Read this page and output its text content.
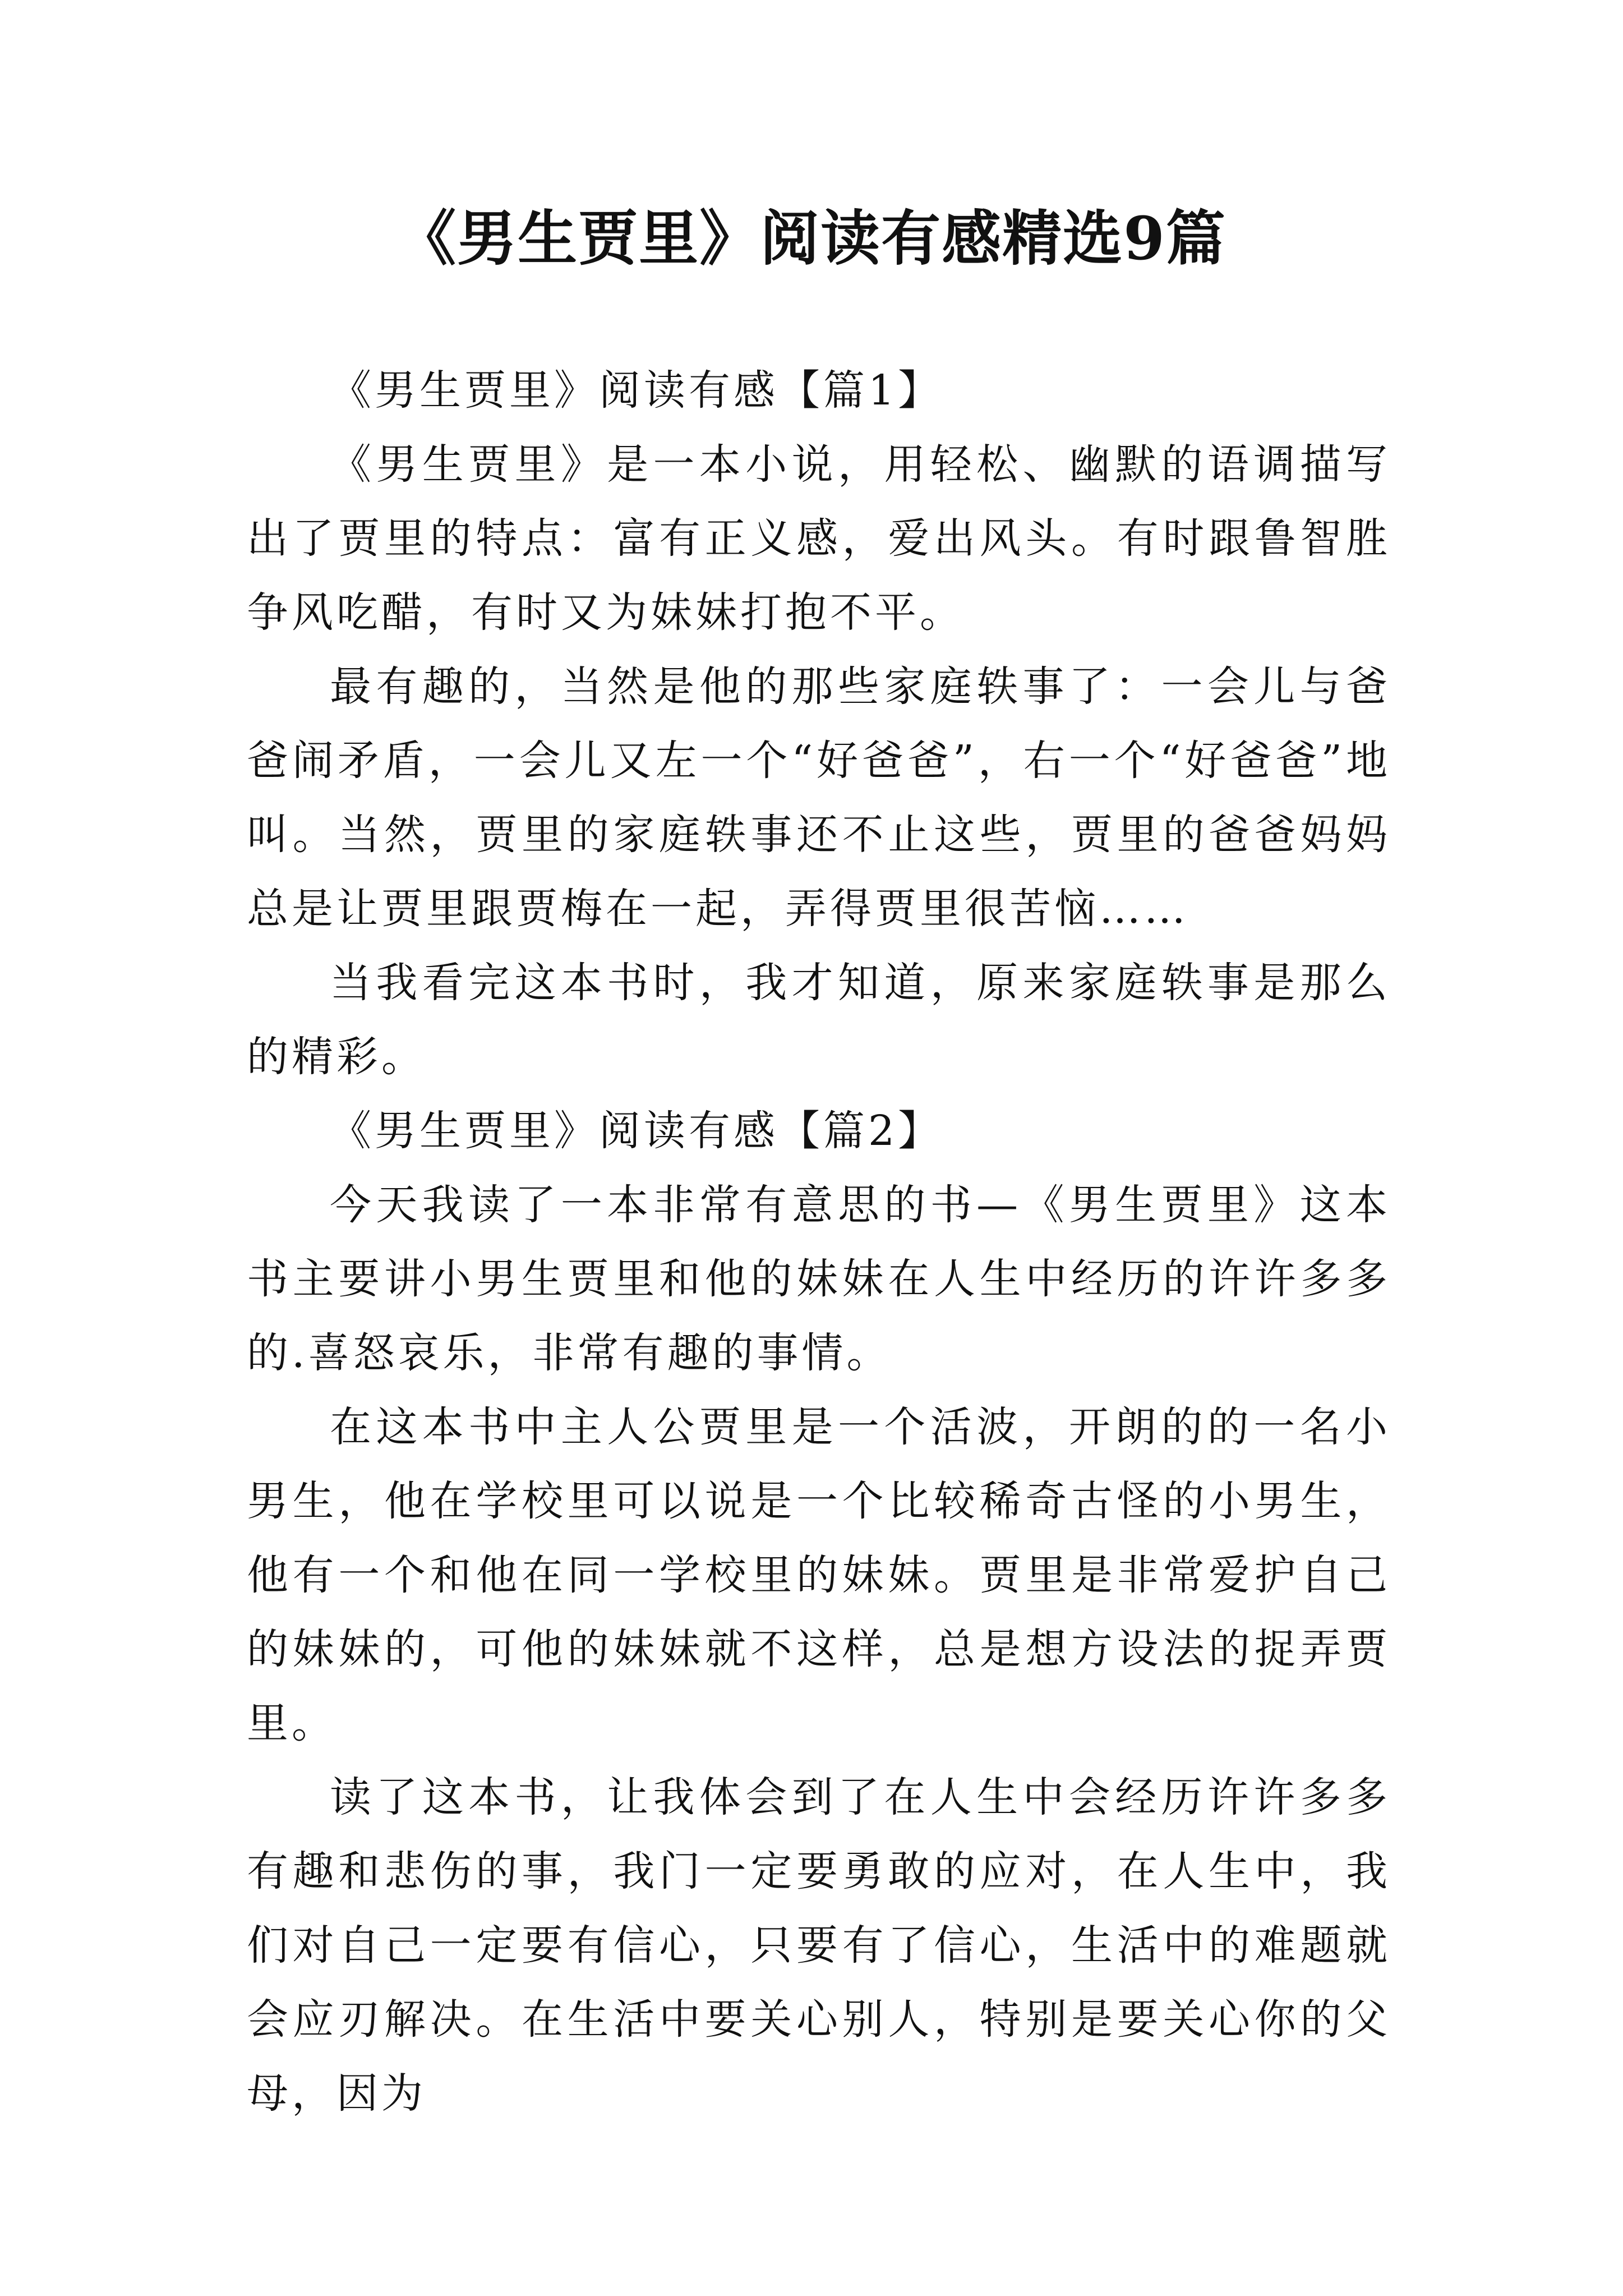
《男生贾里》阅读有感精选9篇

《男生贾里》阅读有感【篇1】

《男生贾里》是一本小说，用轻松、幽默的语调描写出了贾里的特点：富有正义感，爱出风头。有时跟鲁智胜争风吃醋，有时又为妹妹打抱不平。

最有趣的，当然是他的那些家庭轶事了：一会儿与爸爸闹矛盾，一会儿又左一个“好爸爸”，右一个“好爸爸”地叫。当然，贾里的家庭轶事还不止这些，贾里的爸爸妈妈总是让贾里跟贾梅在一起，弄得贾里很苦恼……

当我看完这本书时，我才知道，原来家庭轶事是那么的精彩。

《男生贾里》阅读有感【篇2】

今天我读了一本非常有意思的书—《男生贾里》这本书主要讲小男生贾里和他的妹妹在人生中经历的许许多多的.喜怒哀乐，非常有趣的事情。

在这本书中主人公贾里是一个活波，开朗的的一名小男生，他在学校里可以说是一个比较稀奇古怪的小男生，他有一个和他在同一学校里的妹妹。贾里是非常爱护自己的妹妹的，可他的妹妹就不这样，总是想方设法的捉弄贾里。

读了这本书，让我体会到了在人生中会经历许许多多有趣和悲伤的事，我门一定要勇敢的应对，在人生中，我们对自己一定要有信心，只要有了信心，生活中的难题就会应刃解决。在生活中要关心别人，特别是要关心你的父母，因为
